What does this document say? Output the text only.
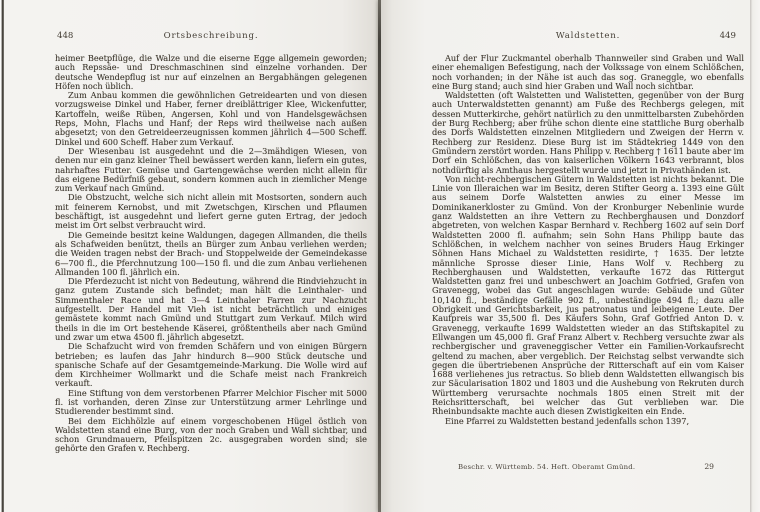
448	Ortsbeschreibung.

heimer Beetpflüge, die Walze und die eiserne Egge allgemein geworden; auch Repssäe- und Dreschmaschinen sind einzelne vorhanden. Der deutsche Wendepflug ist nur auf einzelnen an Bergabhängen gelegenen Höfen noch üblich.

Zum Anbau kommen die gewöhnlichen Getreidearten und von diesen vorzugsweise Dinkel und Haber, ferner dreiblättriger Klee, Wickenfutter, Kartoffeln, weiße Rüben, Angersen, Kohl und von Handelsgewächsen Reps, Mohn, Flachs und Hanf; der Reps wird theilweise nach außen abgesetzt; von den Getreideerzeugnissen kommen jährlich 4—500 Scheff. Dinkel und 600 Scheff. Haber zum Verkauf.

Der Wiesenbau ist ausgedehnt und die 2—3mähdigen Wiesen, von denen nur ein ganz kleiner Theil bewässert werden kann, liefern ein gutes, nahrhaftes Futter. Gemüse und Gartengewächse werden nicht allein für das eigene Bedürfniß gebaut, sondern kommen auch in ziemlicher Menge zum Verkauf nach Gmünd.

Die Obstzucht, welche sich nicht allein mit Mostsorten, sondern auch mit feinerem Kernobst, und mit Zwetschgen, Kirschen und Pflaumen beschäftigt, ist ausgedehnt und liefert gerne guten Ertrag, der jedoch meist im Ort selbst verbraucht wird.

Die Gemeinde besitzt keine Waldungen, dagegen Allmanden, die theils als Schafweiden benützt, theils an Bürger zum Anbau verliehen werden; die Weiden tragen nebst der Brach- und Stoppelweide der Gemeindekasse 6—700 fl., die Pferchnutzung 100—150 fl. und die zum Anbau verliehenen Allmanden 100 fl. jährlich ein.

Die Pferdezucht ist nicht von Bedeutung, während die Rindviehzucht in ganz gutem Zustande sich befindet; man hält die Leinthaler- und Simmenthaler Race und hat 3—4 Leinthaler Farren zur Nachzucht aufgestellt. Der Handel mit Vieh ist nicht beträchtlich und einiges gemästete kommt nach Gmünd und Stuttgart zum Verkauf. Milch wird theils in die im Ort bestehende Käserei, größtentheils aber nach Gmünd und zwar um etwa 4500 fl. jährlich abgesetzt.

Die Schafzucht wird von fremden Schäfern und von einigen Bürgern betrieben; es laufen das Jahr hindurch 8—900 Stück deutsche und spanische Schafe auf der Gesamtgemeinde-Markung. Die Wolle wird auf dem Kirchheimer Wollmarkt und die Schafe meist nach Frankreich verkauft.

Eine Stiftung von dem verstorbenen Pfarrer Melchior Fischer mit 5000 fl. ist vorhanden, deren Zinse zur Unterstützung armer Lehrlinge und Studierender bestimmt sind.

Bei dem Eichhölzle auf einem vorgeschobenen Hügel östlich von Waldstetten stand eine Burg, von der noch Graben und Wall sichtbar, und schon Grundmauern, Pfeilspitzen 2c. ausgegraben worden sind; sie gehörte den Grafen v. Rechberg.

Waldstetten.	449

Auf der Flur Zuckmantel oberhalb Thannweiler sind Graben und Wall einer ehemaligen Befestigung, nach der Volkssage von einem Schlößchen, noch vorhanden; in der Nähe ist auch das sog. Graneggle, wo ebenfalls eine Burg stand; auch sind hier Graben und Wall noch sichtbar.

Waldstetten (oft Walstetten und Walistetten, gegenüber von der Burg auch Unterwaldstetten genannt) am Fuße des Rechbergs gelegen, mit dessen Mutterkirche, gehört natürlich zu den unmittelbarsten Zubehörden der Burg Rechberg; aber frühe schon diente eine stattliche Burg oberhalb des Dorfs Waldstetten einzelnen Mitgliedern und Zweigen der Herrn v. Rechberg zur Residenz. Diese Burg ist im Städtekrieg 1449 von den Gmündern zerstört worden. Hans Philipp v. Rechberg † 1611 baute aber im Dorf ein Schlößchen, das von kaiserlichen Völkern 1643 verbrannt, blos nothdürftig als Amthaus hergestellt wurde und jetzt in Privathänden ist.

Von nicht-rechbergischen Gütern in Waldstetten ist nichts bekannt. Die Linie von Illeraichen war im Besitz, deren Stifter Georg a. 1393 eine Gült aus seinem Dorfe Walstetten anwies zu einer Messe im Dominikanerkloster zu Gmünd. Von der Kronburger Nebenlinie wurde ganz Waldstetten an ihre Vettern zu Rechberghausen und Donzdorf abgetreten, von welchen Kaspar Bernhard v. Rechberg 1602 auf sein Dorf Waldstetten 2000 fl. aufnahm; sein Sohn Hans Philipp baute das Schlößchen, in welchem nachher von seines Bruders Haug Erkinger Söhnen Hans Michael zu Waldstetten residirte, † 1635. Der letzte männliche Sprosse dieser Linie, Hans Wolf v. Rechberg zu Rechberghausen und Waldstetten, verkaufte 1672 das Rittergut Waldstetten ganz frei und unbeschwert an Joachim Gotfried, Grafen von Gravenegg, wobei das Gut angeschlagen wurde: Gebäude und Güter 10,140 fl., beständige Gefälle 902 fl., unbeständige 494 fl.; dazu alle Obrigkeit und Gerichtsbarkeit, jus patronatus und leibeigene Leute. Der Kaufpreis war 35,500 fl. Des Käufers Sohn, Graf Gotfried Anton D. v. Gravenegg, verkaufte 1699 Waldstetten wieder an das Stiftskapitel zu Ellwangen um 45,000 fl. Graf Franz Albert v. Rechberg versuchte zwar als rechbergischer und graveneggischer Vetter ein Familien-Vorkaufsrecht geltend zu machen, aber vergeblich. Der Reichstag selbst verwandte sich gegen die übertriebenen Ansprüche der Ritterschaft auf ein vom Kaiser 1688 verliehenes jus retractus. So blieb denn Waldstetten ellwangisch bis zur Säcularisation 1802 und 1803 und die Aushebung von Rekruten durch Württemberg verursachte nochmals 1805 einen Streit mit der Reichsritterschaft, bei welcher das Gut verblieben war. Die Rheinbundsakte machte auch diesen Zwistigkeiten ein Ende.

Eine Pfarrei zu Waldstetten bestand jedenfalls schon 1397,

Beschr. v. Württemb. 54. Heft. Oberamt Gmünd.	29
